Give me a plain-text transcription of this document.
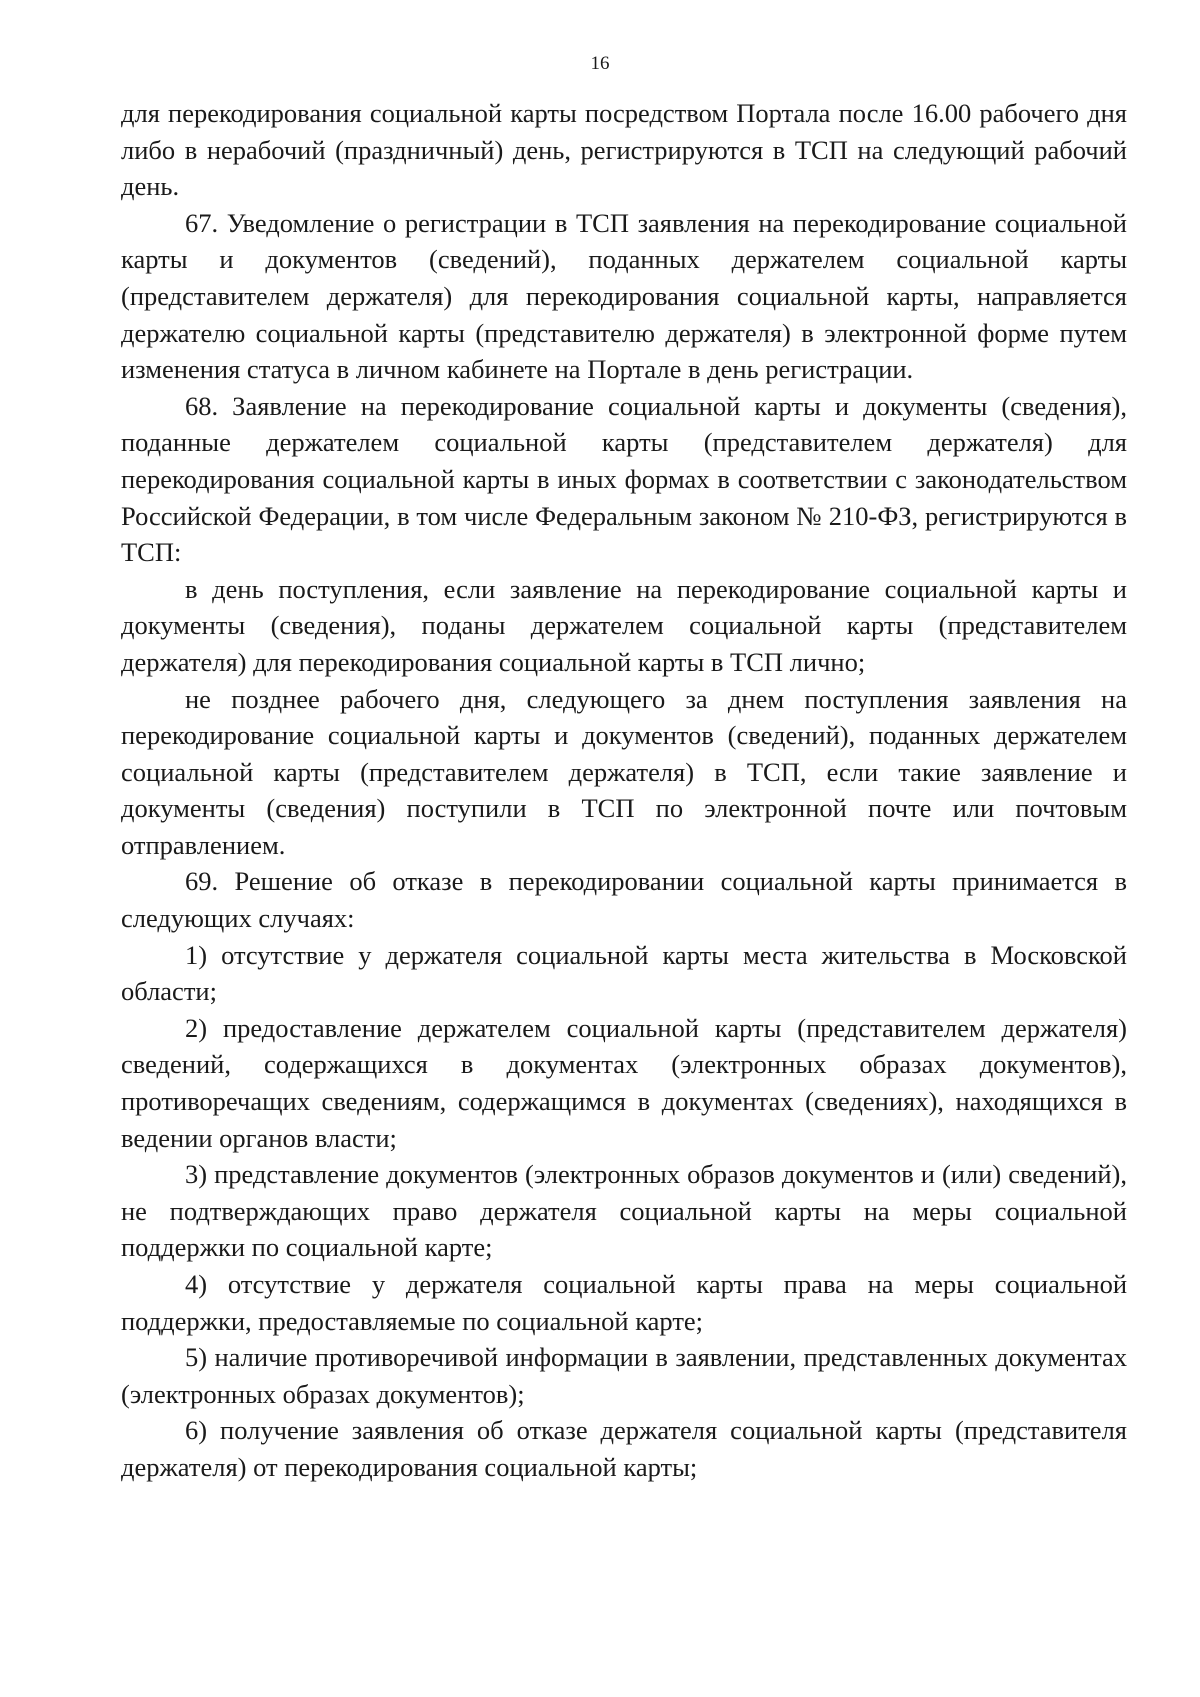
16

для перекодирования социальной карты посредством Портала после 16.00 рабочего дня либо в нерабочий (праздничный) день, регистрируются в ТСП на следующий рабочий день.

67. Уведомление о регистрации в ТСП заявления на перекодирование социальной карты и документов (сведений), поданных держателем социальной карты (представителем держателя) для перекодирования социальной карты, направляется держателю социальной карты (представителю держателя) в электронной форме путем изменения статуса в личном кабинете на Портале в день регистрации.

68. Заявление на перекодирование социальной карты и документы (сведения), поданные держателем социальной карты (представителем держателя) для перекодирования социальной карты в иных формах в соответствии с законодательством Российской Федерации, в том числе Федеральным законом № 210-ФЗ, регистрируются в ТСП:

в день поступления, если заявление на перекодирование социальной карты и документы (сведения), поданы держателем социальной карты (представителем держателя) для перекодирования социальной карты в ТСП лично;

не позднее рабочего дня, следующего за днем поступления заявления на перекодирование социальной карты и документов (сведений), поданных держателем социальной карты (представителем держателя) в ТСП, если такие заявление и документы (сведения) поступили в ТСП по электронной почте или почтовым отправлением.

69. Решение об отказе в перекодировании социальной карты принимается в следующих случаях:

1) отсутствие у держателя социальной карты места жительства в Московской области;

2) предоставление держателем социальной карты (представителем держателя) сведений, содержащихся в документах (электронных образах документов), противоречащих сведениям, содержащимся в документах (сведениях), находящихся в ведении органов власти;

3) представление документов (электронных образов документов и (или) сведений), не подтверждающих право держателя социальной карты на меры социальной поддержки по социальной карте;

4) отсутствие у держателя социальной карты права на меры социальной поддержки, предоставляемые по социальной карте;

5) наличие противоречивой информации в заявлении, представленных документах (электронных образах документов);

6) получение заявления об отказе держателя социальной карты (представителя держателя) от перекодирования социальной карты;
